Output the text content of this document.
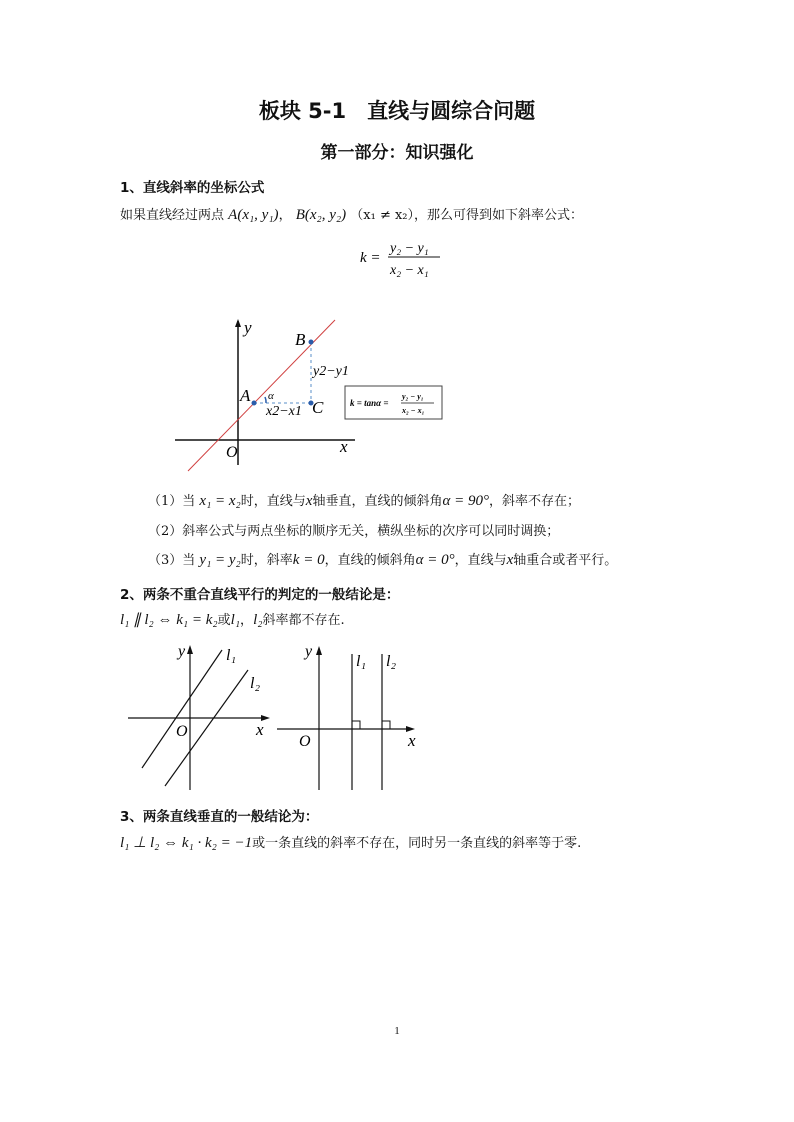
板块 5-1　直线与圆综合问题
第一部分：知识强化
1、直线斜率的坐标公式
如果直线经过两点 A(x₁, y₁)， B(x₂, y₂) （x₁ ≠ x₂），那么可得到如下斜率公式：
k =
y₂ − y₁
x₂ − x₁
y
x
O
B
A
C
α
y2−y1
x2−x1
k = tanα =
y₂ − y₁
x₂ − x₁
（1）当 x₁ = x₂时，直线与x轴垂直，直线的倾斜角α = 90°，斜率不存在；
（2）斜率公式与两点坐标的顺序无关，横纵坐标的次序可以同时调换；
（3）当 y₁ = y₂时，斜率k = 0，直线的倾斜角α = 0°，直线与x轴重合或者平行。
2、两条不重合直线平行的判定的一般结论是：
l₁ ∥ l₂ ⇔ k₁ = k₂或l₁，l₂斜率都不存在.
y
x
O
l₁
l₂
y
x
O
l₁ l₂
3、两条直线垂直的一般结论为：
l₁ ⊥ l₂ ⇔ k₁ · k₂ = −1或一条直线的斜率不存在，同时另一条直线的斜率等于零.
1
